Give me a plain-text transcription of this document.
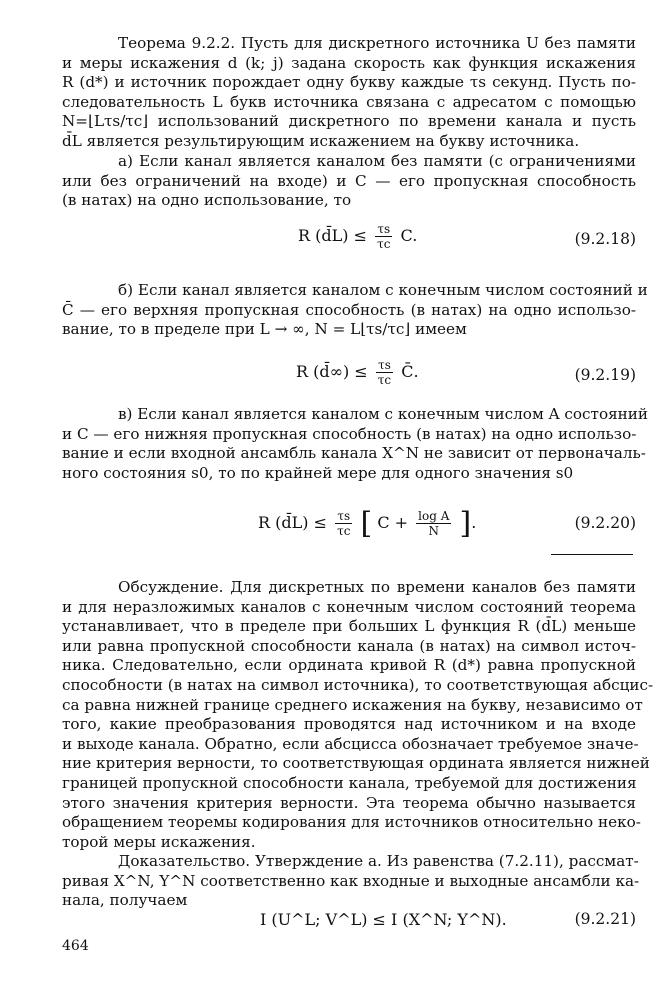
Теорема 9.2.2. Пусть для дискретного источника U без памяти
и меры искажения d (k; j) задана скорость как функция искажения
R (d*) и источник порождает одну букву каждые τs секунд. Пусть по-
следовательность L букв источника связана с адресатом с помощью
N=⌊Lτs/τc⌋ использований дискретного по времени канала и пусть
d̄L является результирующим искажением на букву источника.
а) Если канал является каналом без памяти (с ограничениями
или без ограничений на входе) и C — его пропускная способность
(в натах) на одно использование, то
R (d̄L) ≤ $\frac{\tau s}{\tau c} C$.	(9.2.18)
б) Если канал является каналом с конечным числом состояний и
C̄ — его верхняя пропускная способность (в натах) на одно использо-
вание, то в пределе при L → ∞, N = L⌊τs/τc⌋ имеем
R (d̄∞) ≤ $\frac{\tau s}{\tau c}$ C̄.	(9.2.19)
в) Если канал является каналом с конечным числом A состояний
и C — его нижняя пропускная способность (в натах) на одно использо-
вание и если входной ансамбль канала X^N не зависит от первоначаль-
ного состояния s0, то по крайней мере для одного значения s0
R (d̄L) ≤ $\frac{\tau s}{\tau c}$ [ $C + \frac{\text{log A}}{N}$ ].	(9.2.20)
Обсуждение. Для дискретных по времени каналов без памяти
и для неразложимых каналов с конечным числом состояний теорема
устанавливает, что в пределе при больших L функция R (d̄L) меньше
или равна пропускной способности канала (в натах) на символ источ-
ника. Следовательно, если ордината кривой R (d*) равна пропускной
способности (в натах на символ источника), то соответствующая абсцис-
са равна нижней границе среднего искажения на букву, независимо от
того, какие преобразования проводятся над источником и на входе
и выходе канала. Обратно, если абсцисса обозначает требуемое значе-
ние критерия верности, то соответствующая ордината является нижней
границей пропускной способности канала, требуемой для достижения
этого значения критерия верности. Эта теорема обычно называется
обращением теоремы кодирования для источников относительно неко-
торой меры искажения.
Доказательство. Утверждение а. Из равенства (7.2.11), рассмат-
ривая X^N, Y^N соответственно как входные и выходные ансамбли ка-
нала, получаем
I (U^L; V^L) ≤ I (X^N; Y^N).	(9.2.21)
464
